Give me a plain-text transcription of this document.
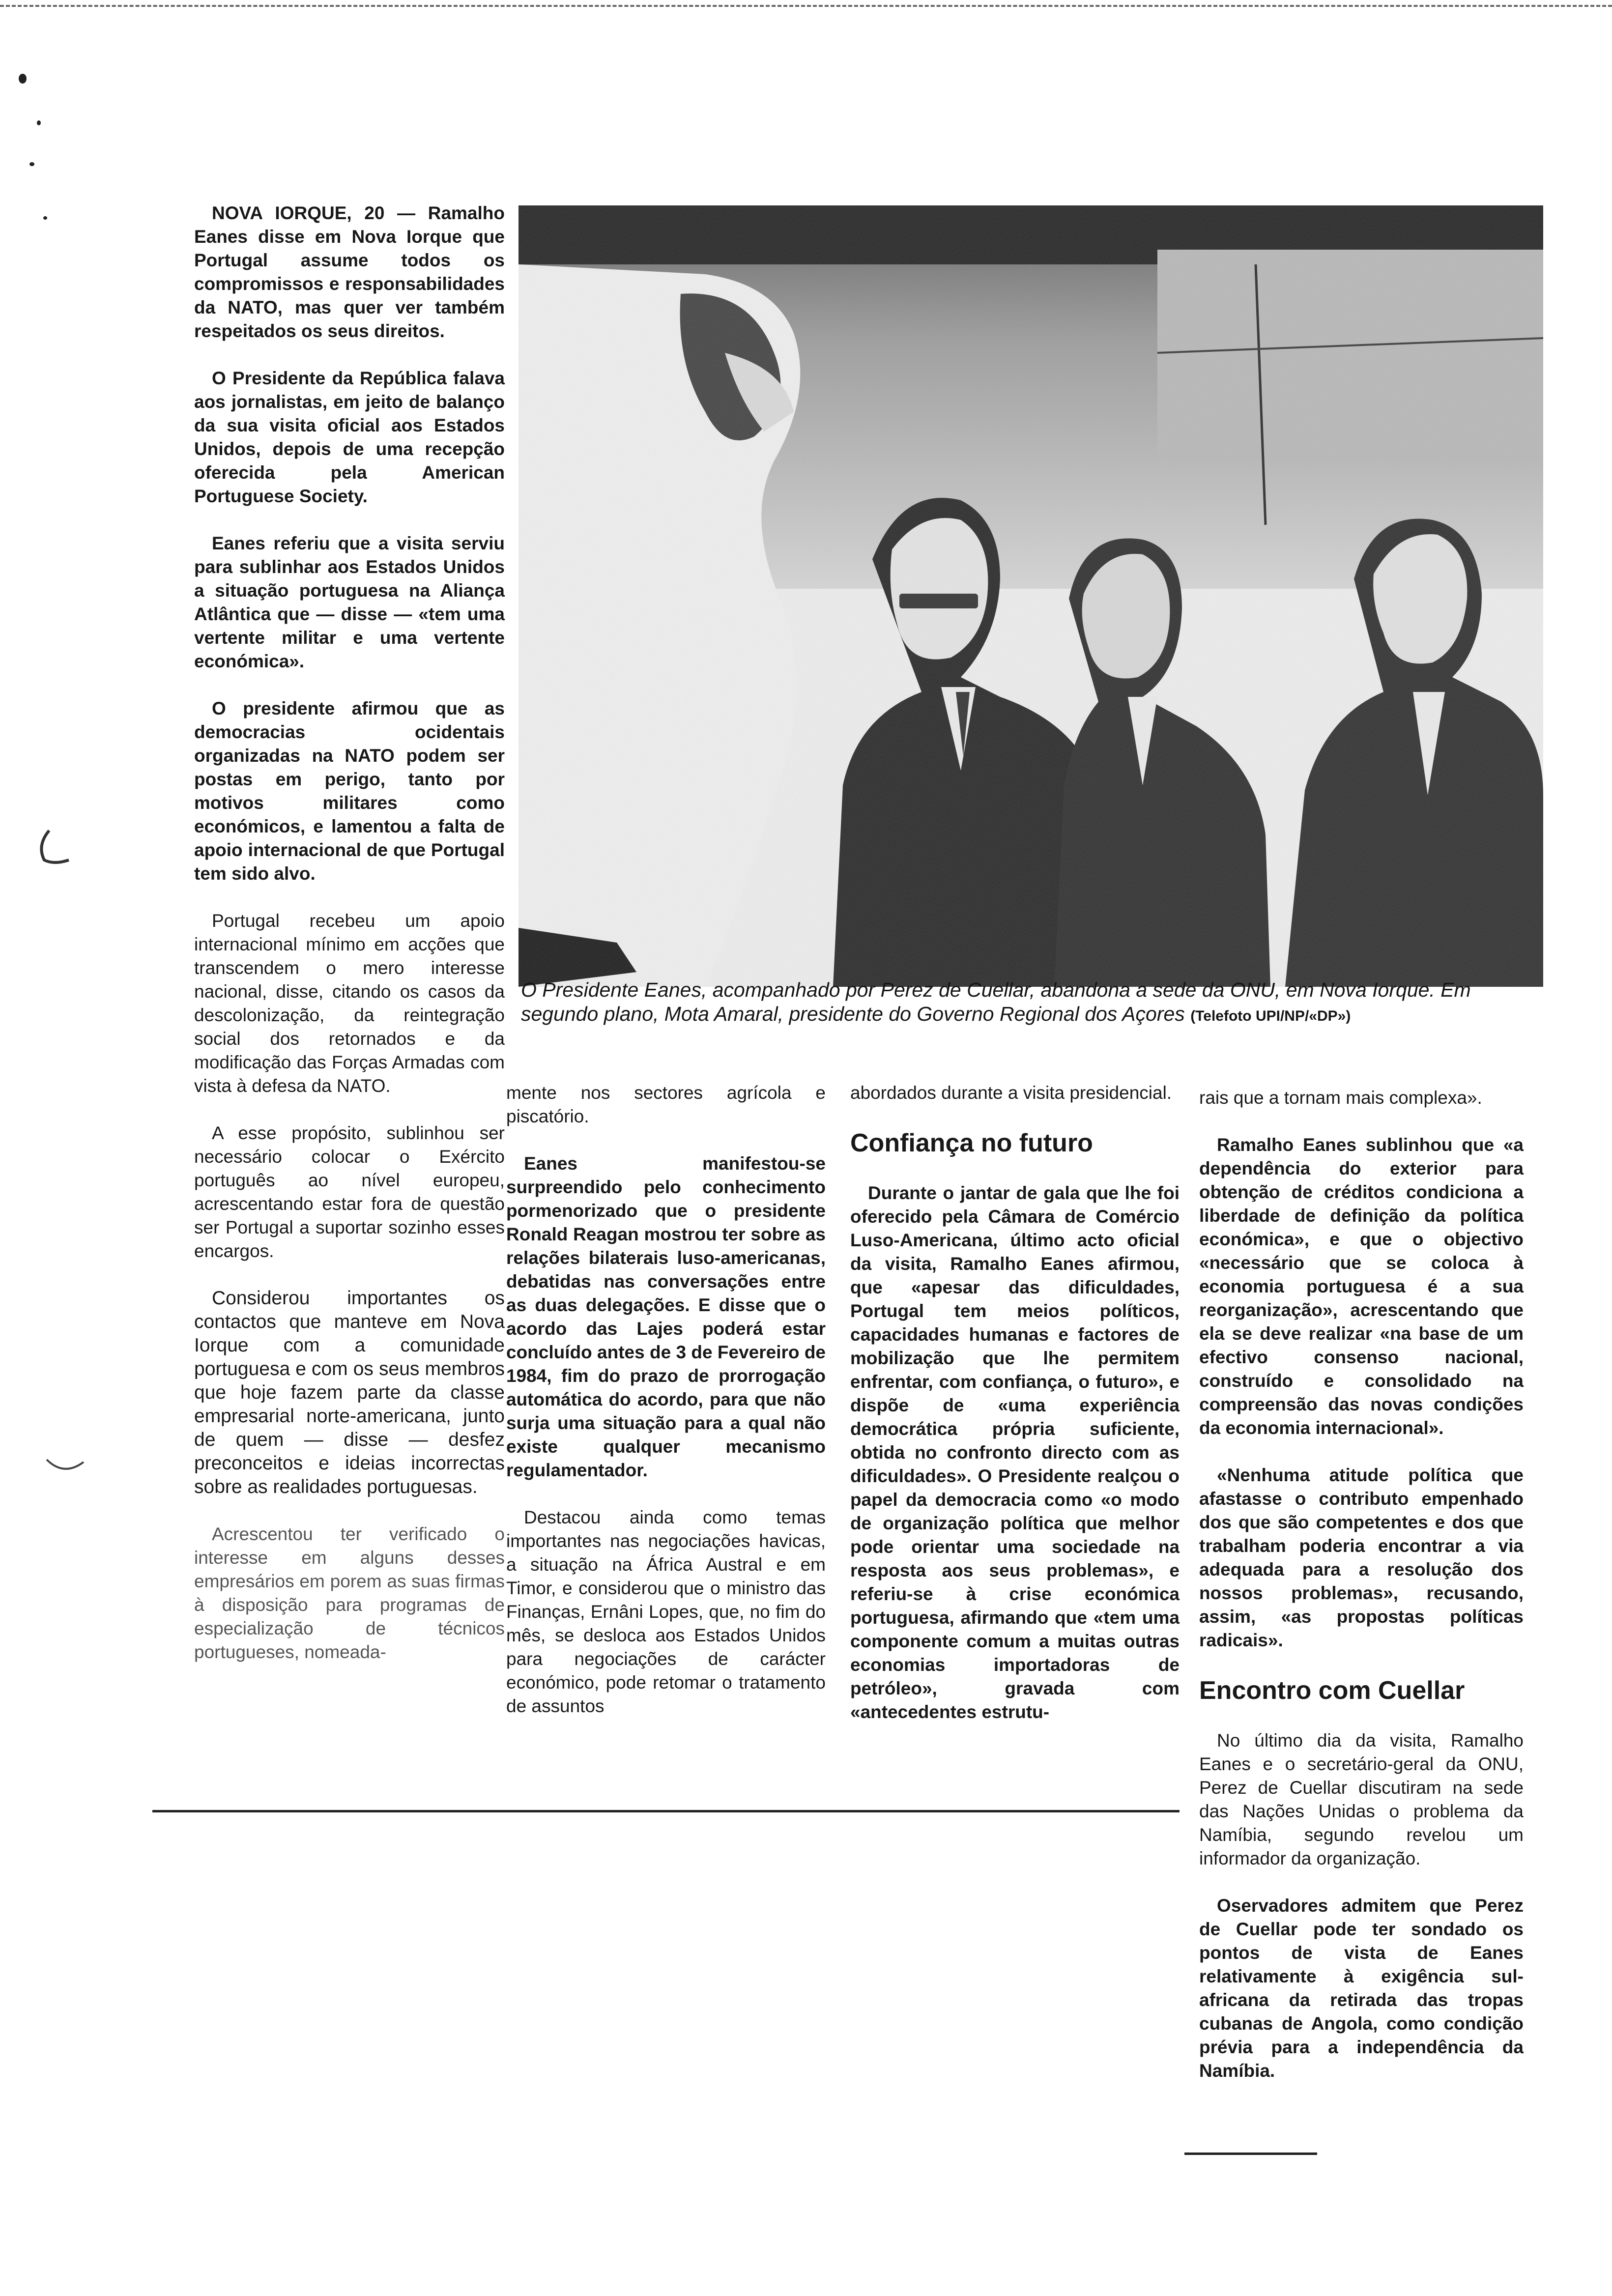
NOVA IORQUE, 20 — Ramalho Eanes disse em Nova Iorque que Portugal assume todos os compromissos e responsabilidades da NATO, mas quer ver também respeitados os seus direitos.

O Presidente da República falava aos jornalistas, em jeito de balanço da sua visita oficial aos Estados Unidos, depois de uma recepção oferecida pela American Portuguese Society.

Eanes referiu que a visita serviu para sublinhar aos Estados Unidos a situação portuguesa na Aliança Atlântica que — disse — «tem uma vertente militar e uma vertente económica».

O presidente afirmou que as democracias ocidentais organizadas na NATO podem ser postas em perigo, tanto por motivos militares como económicos, e lamentou a falta de apoio internacional de que Portugal tem sido alvo.

Portugal recebeu um apoio internacional mínimo em acções que transcendem o mero interesse nacional, disse, citando os casos da descolonização, da reintegração social dos retornados e da modificação das Forças Armadas com vista à defesa da NATO.

A esse propósito, sublinhou ser necessário colocar o Exército português ao nível europeu, acrescentando estar fora de questão ser Portugal a suportar sozinho esses encargos.

Considerou importantes os contactos que manteve em Nova Iorque com a comunidade portuguesa e com os seus membros que hoje fazem parte da classe empresarial norte-americana, junto de quem — disse — desfez preconceitos e ideias incorrectas sobre as realidades portuguesas.

Acrescentou ter verificado o interesse em alguns desses empresários em porem as suas firmas à disposição para programas de especialização de técnicos portugueses, nomeada-

O Presidente Eanes, acompanhado por Perez de Cuellar, abandona a sede da ONU, em Nova Iorque. Em segundo plano, Mota Amaral, presidente do Governo Regional dos Açores (Telefoto UPI/NP/«DP»)

mente nos sectores agrícola e piscatório.

Eanes manifestou-se surpreendido pelo conhecimento pormenorizado que o presidente Ronald Reagan mostrou ter sobre as relações bilaterais luso-americanas, debatidas nas conversações entre as duas delegações. E disse que o acordo das Lajes poderá estar concluído antes de 3 de Fevereiro de 1984, fim do prazo de prorrogação automática do acordo, para que não surja uma situação para a qual não existe qualquer mecanismo regulamentador.

Destacou ainda como temas importantes nas negociações havicas, a situação na África Austral e em Timor, e considerou que o ministro das Finanças, Ernâni Lopes, que, no fim do mês, se desloca aos Estados Unidos para negociações de carácter económico, pode retomar o tratamento de assuntos

abordados durante a visita presidencial.

Confiança no futuro

Durante o jantar de gala que lhe foi oferecido pela Câmara de Comércio Luso-Americana, último acto oficial da visita, Ramalho Eanes afirmou, que «apesar das dificuldades, Portugal tem meios políticos, capacidades humanas e factores de mobilização que lhe permitem enfrentar, com confiança, o futuro», e dispõe de «uma experiência democrática própria suficiente, obtida no confronto directo com as dificuldades». O Presidente realçou o papel da democracia como «o modo de organização política que melhor pode orientar uma sociedade na resposta aos seus problemas», e referiu-se à crise económica portuguesa, afirmando que «tem uma componente comum a muitas outras economias importadoras de petróleo», gravada com «antecedentes estrutu-

rais que a tornam mais complexa».

Ramalho Eanes sublinhou que «a dependência do exterior para obtenção de créditos condiciona a liberdade de definição da política económica», e que o objectivo «necessário que se coloca à economia portuguesa é a sua reorganização», acrescentando que ela se deve realizar «na base de um efectivo consenso nacional, construído e consolidado na compreensão das novas condições da economia internacional».

«Nenhuma atitude política que afastasse o contributo empenhado dos que são competentes e dos que trabalham poderia encontrar a via adequada para a resolução dos nossos problemas», recusando, assim, «as propostas políticas radicais».

Encontro com Cuellar

No último dia da visita, Ramalho Eanes e o secretário-geral da ONU, Perez de Cuellar discutiram na sede das Nações Unidas o problema da Namíbia, segundo revelou um informador da organização.

Oservadores admitem que Perez de Cuellar pode ter sondado os pontos de vista de Eanes relativamente à exigência sul-africana da retirada das tropas cubanas de Angola, como condição prévia para a independência da Namíbia.
